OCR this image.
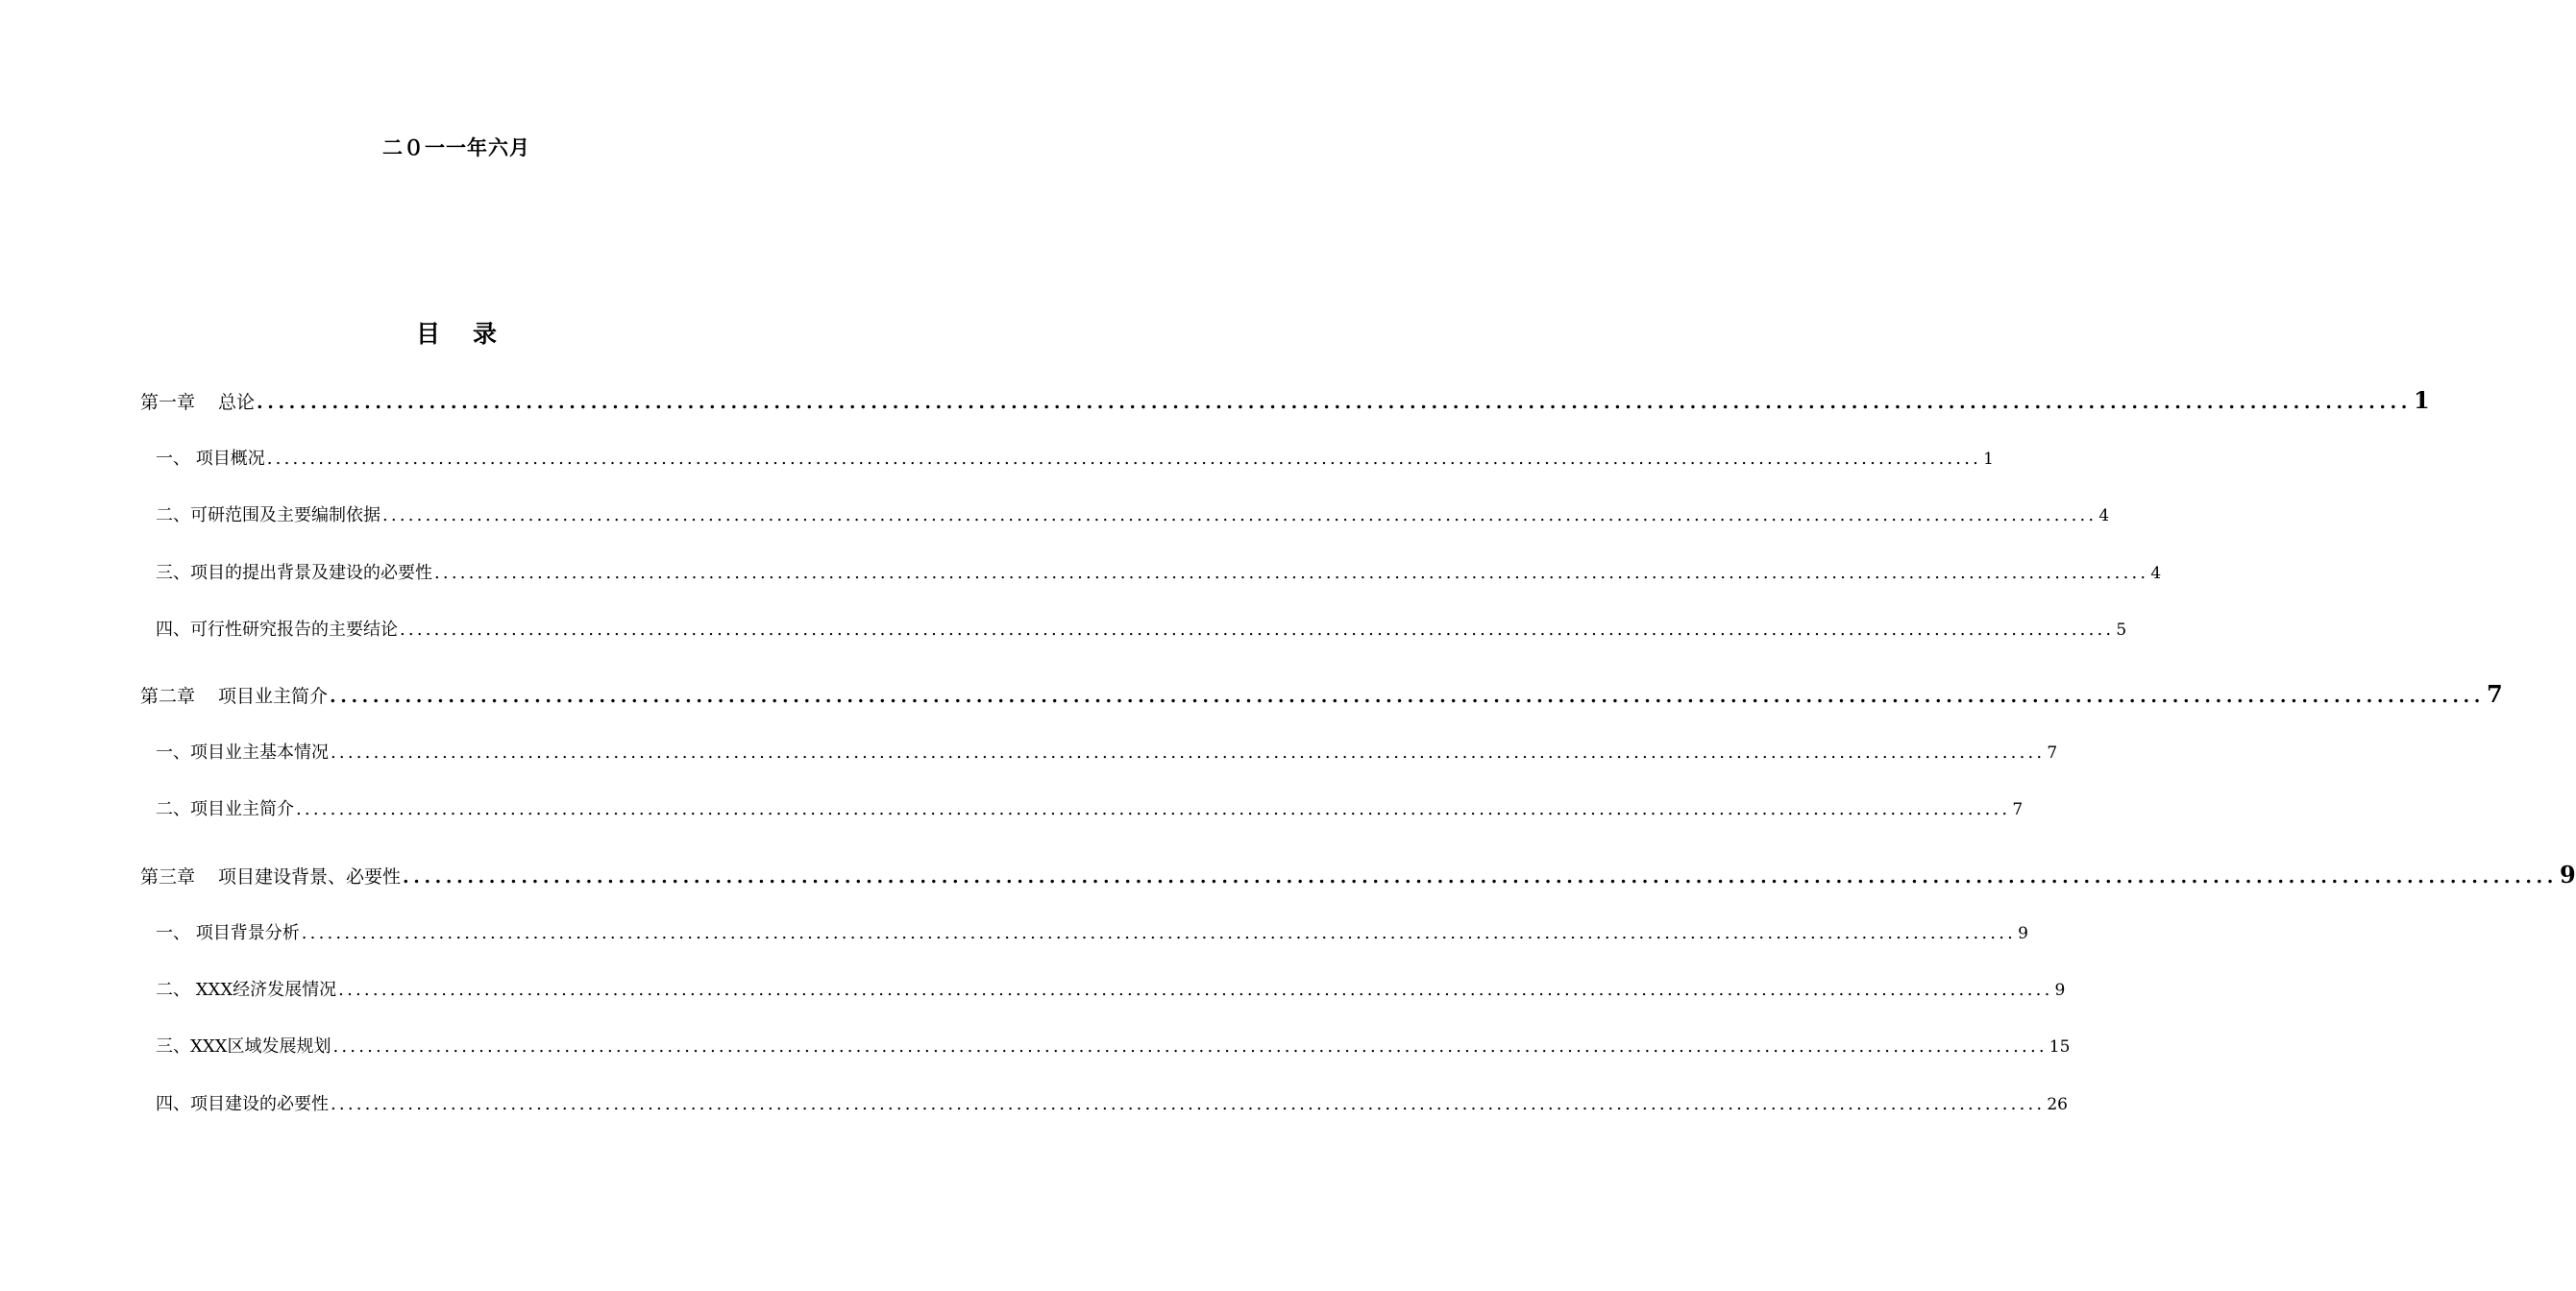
二０一一年六月
目 录
第一章 总论 ........................................................................................................................................................................................................ 1
一、 项目概况 ........................................................................................................................................................................................................ 1
二、可研范围及主要编制依据 ........................................................................................................................................................................................................ 4
三、项目的提出背景及建设的必要性 ........................................................................................................................................................................................................ 4
四、可行性研究报告的主要结论 ........................................................................................................................................................................................................ 5
第二章 项目业主简介 ........................................................................................................................................................................................................ 7
一、项目业主基本情况 ........................................................................................................................................................................................................ 7
二、项目业主简介 ........................................................................................................................................................................................................ 7
第三章 项目建设背景、必要性 ........................................................................................................................................................................................................ 9
一、 项目背景分析 ........................................................................................................................................................................................................ 9
二、 XXX经济发展情况 ........................................................................................................................................................................................................ 9
三、XXX区域发展规划 ........................................................................................................................................................................................................ 15
四、项目建设的必要性 ........................................................................................................................................................................................................ 26
